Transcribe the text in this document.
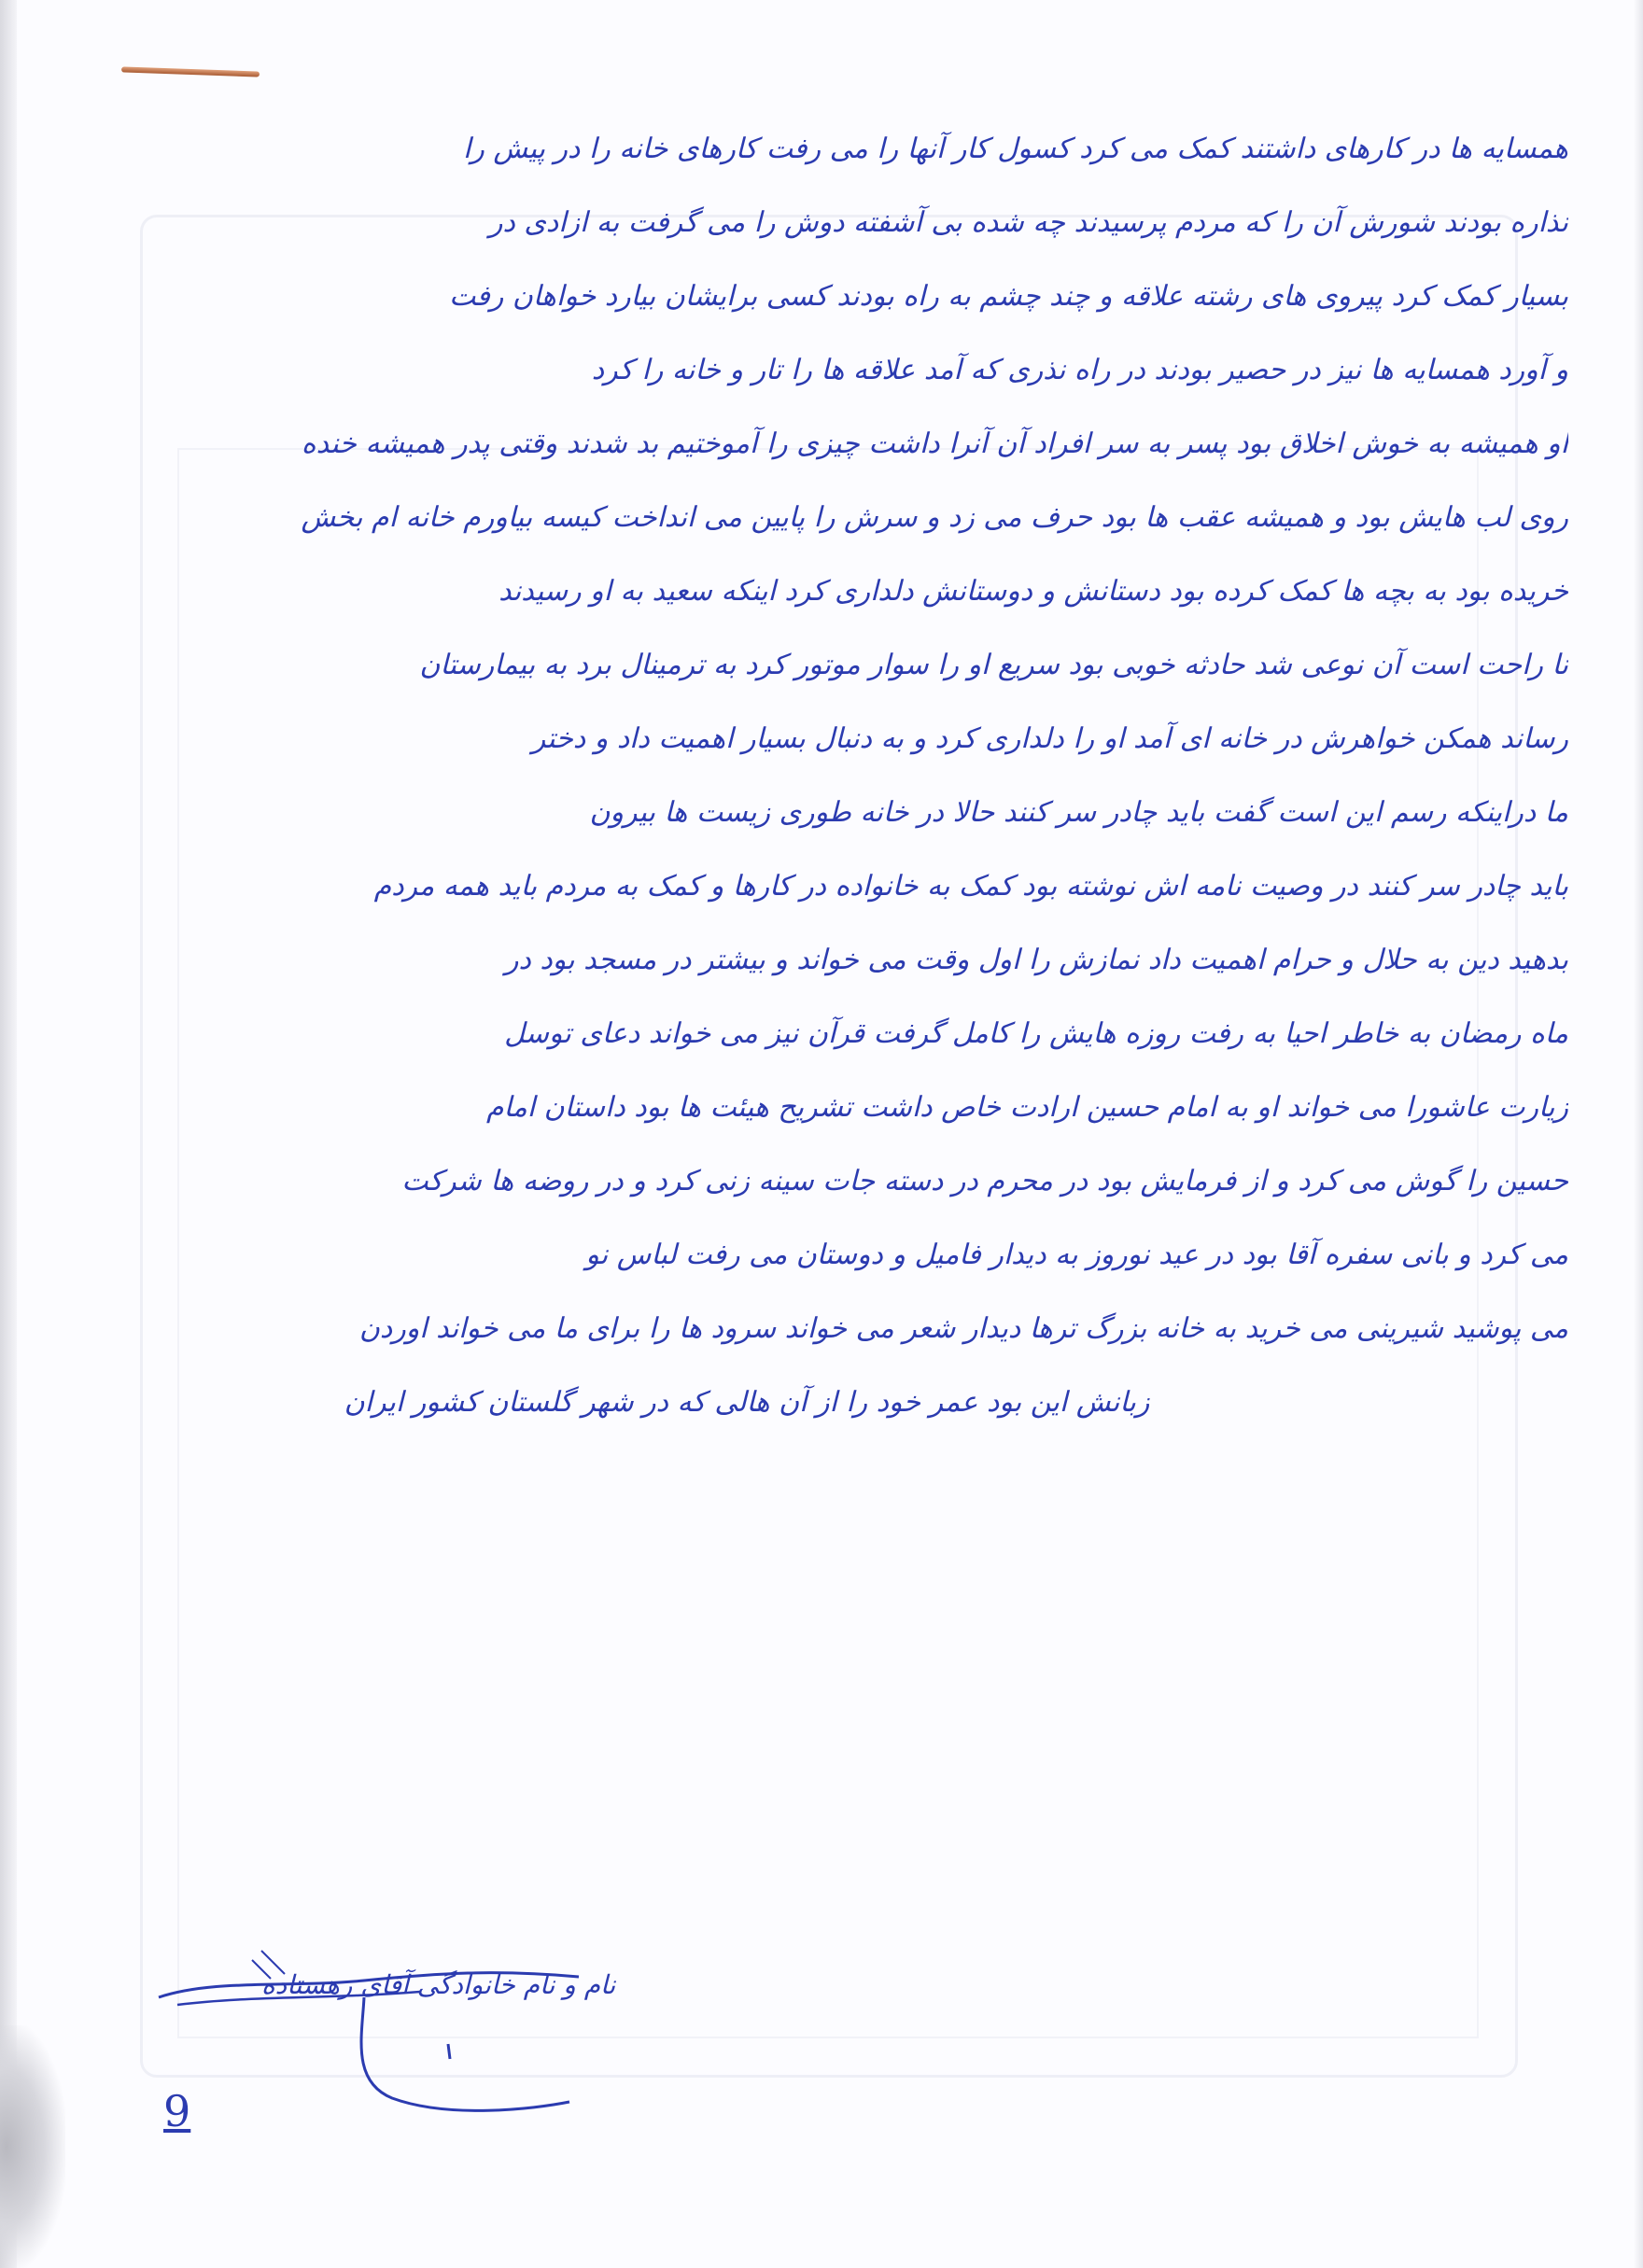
همسایه ها در کارهای داشتند کمک می کرد کسول کار آنها را می رفت کارهای خانه را در پیش را
نذاره بودند شورش آن را که مردم پرسیدند چه شده بی آشفته دوش را می گرفت به ازادی در
بسیار کمک کرد پیروی های رشته علاقه و چند چشم به راه بودند کسی برایشان بیارد خواهان رفت
و آورد همسایه ها نیز در حصیر بودند در راه نذری که آمد علاقه ها را تار و خانه را کرد
او همیشه به خوش اخلاق بود پسر به سر افراد آن آنرا داشت چیزی را آموختیم بد شدند وقتی پدر همیشه خنده
روی لب هایش بود و همیشه عقب ها بود حرف می زد و سرش را پایین می انداخت کیسه بیاورم خانه ام بخش
خریده بود به بچه ها کمک کرده بود دستانش و دوستانش دلداری کرد اینکه سعید به او رسیدند
نا راحت است آن نوعی شد حادثه خوبی بود سریع او را سوار موتور کرد به ترمینال برد به بیمارستان
رساند همکن خواهرش در خانه ای آمد او را دلداری کرد و به دنبال بسیار اهمیت داد و دختر
ما دراینکه رسم این است گفت باید چادر سر کنند حالا در خانه طوری زیست ها بیرون
باید چادر سر کنند در وصیت نامه اش نوشته بود کمک به خانواده در کارها و کمک به مردم باید همه مردم
بدهید دین به حلال و حرام اهمیت داد نمازش را اول وقت می خواند و بیشتر در مسجد بود در
ماه رمضان به خاطر احیا به رفت روزه هایش را کامل گرفت قرآن نیز می خواند دعای توسل
زیارت عاشورا می خواند او به امام حسین ارادت خاص داشت تشریح هیئت ها بود داستان امام
حسین را گوش می کرد و از فرمایش بود در محرم در دسته جات سینه زنی کرد و در روضه ها شرکت
می کرد و بانی سفره آقا بود در عید نوروز به دیدار فامیل و دوستان می رفت لباس نو
می پوشید شیرینی می خرید به خانه بزرگ ترها دیدار شعر می خواند سرود ها را برای ما می خواند اوردن
زبانش این بود عمر خود را از آن هالی که در شهر گلستان کشور ایران
نام و نام خانوادگی آقای رهستاده
9
